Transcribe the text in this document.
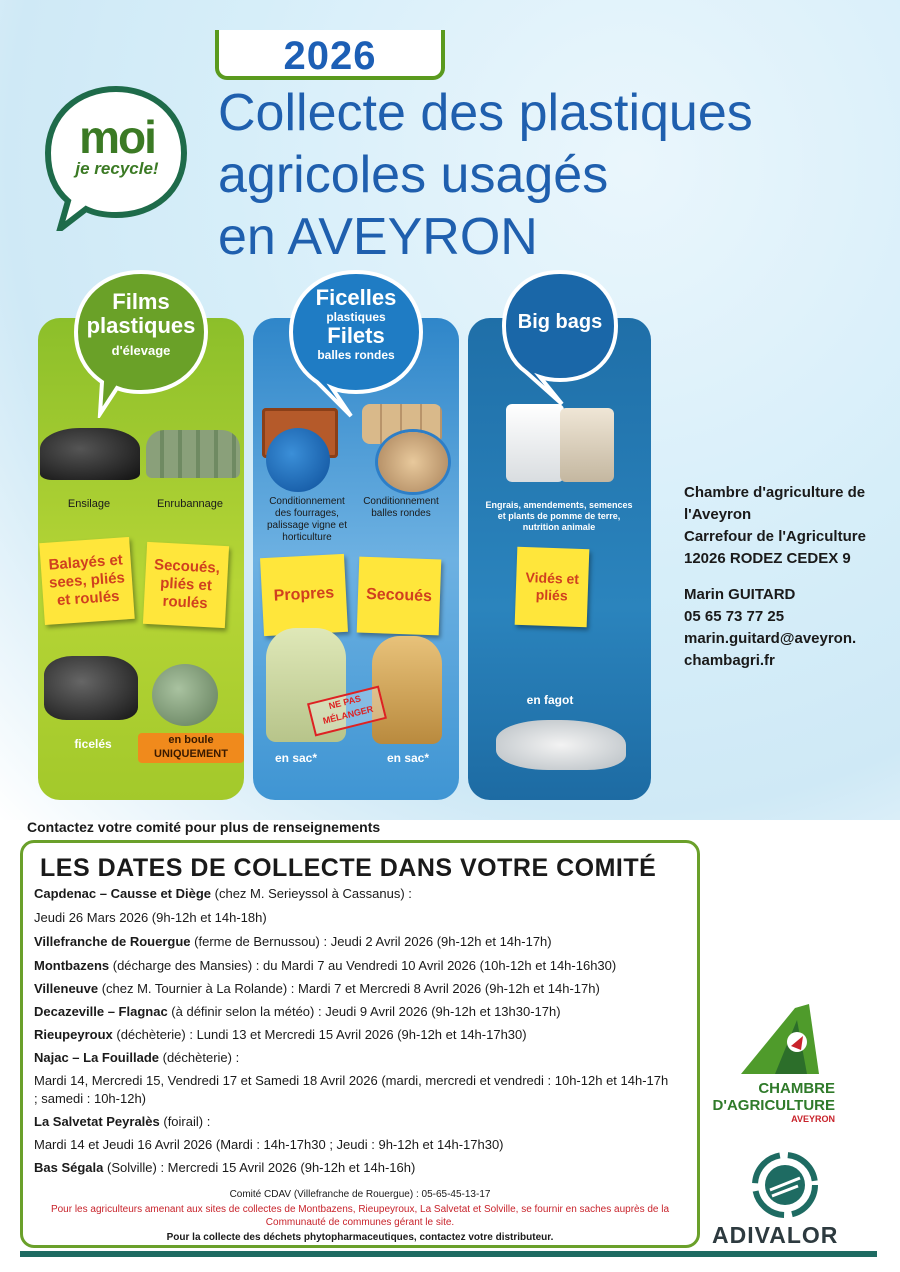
2026
Collecte des plastiques
agricoles usagés
en AVEYRON
moi
je recycle!
Films
plastiques
d'élevage
Ficelles
plastiques
Filets
balles rondes
Big bags
Ensilage	Enrubannage
Balayés et sees, pliés et roulés
Secoués, pliés et roulés
ficelés	en boule
UNIQUEMENT
Conditionnement des fourrages, palissage vigne et horticulture
Conditionnement balles rondes
Propres	Secoués
NE PAS MÉLANGER
en sac*	en sac*
Engrais, amendements, semences et plants de pomme de terre, nutrition animale
Vidés et pliés
en fagot
Chambre d'agriculture de
l'Aveyron
Carrefour de l'Agriculture
12026 RODEZ CEDEX 9
Marin GUITARD
05 65 73 77 25
marin.guitard@aveyron.
chambagri.fr
Contactez votre comité pour plus de renseignements
LES DATES DE COLLECTE DANS VOTRE COMITÉ
Capdenac – Causse et Diège (chez M. Serieyssol à Cassanus) :
Jeudi 26 Mars 2026 (9h-12h et 14h-18h)
Villefranche de Rouergue (ferme de Bernussou) : Jeudi 2 Avril 2026 (9h-12h et 14h-17h)
Montbazens (décharge des Mansies) : du Mardi 7 au Vendredi 10 Avril 2026 (10h-12h et 14h-16h30)
Villeneuve (chez M. Tournier à La Rolande) : Mardi 7 et Mercredi 8 Avril 2026 (9h-12h et 14h-17h)
Decazeville – Flagnac (à définir selon la météo) : Jeudi 9 Avril 2026 (9h-12h et 13h30-17h)
Rieupeyroux (déchèterie) : Lundi 13 et Mercredi 15 Avril 2026 (9h-12h et 14h-17h30)
Najac – La Fouillade (déchèterie) :
Mardi 14, Mercredi 15, Vendredi 17 et Samedi 18 Avril 2026 (mardi, mercredi et vendredi : 10h-12h et 14h-17h ; samedi : 10h-12h)
La Salvetat Peyralès (foirail) :
Mardi 14 et Jeudi 16 Avril 2026 (Mardi : 14h-17h30 ; Jeudi : 9h-12h et 14h-17h30)
Bas Ségala (Solville) : Mercredi 15 Avril 2026 (9h-12h et 14h-16h)
Comité CDAV (Villefranche de Rouergue) : 05-65-45-13-17
Pour les agriculteurs amenant aux sites de collectes de Montbazens, Rieupeyroux, La Salvetat et Solville, se fournir en saches auprès de la Communauté de communes gérant le site.
Pour la collecte des déchets phytopharmaceutiques, contactez votre distributeur.
CHAMBRE
D'AGRICULTURE
AVEYRON
ADIVALOR
